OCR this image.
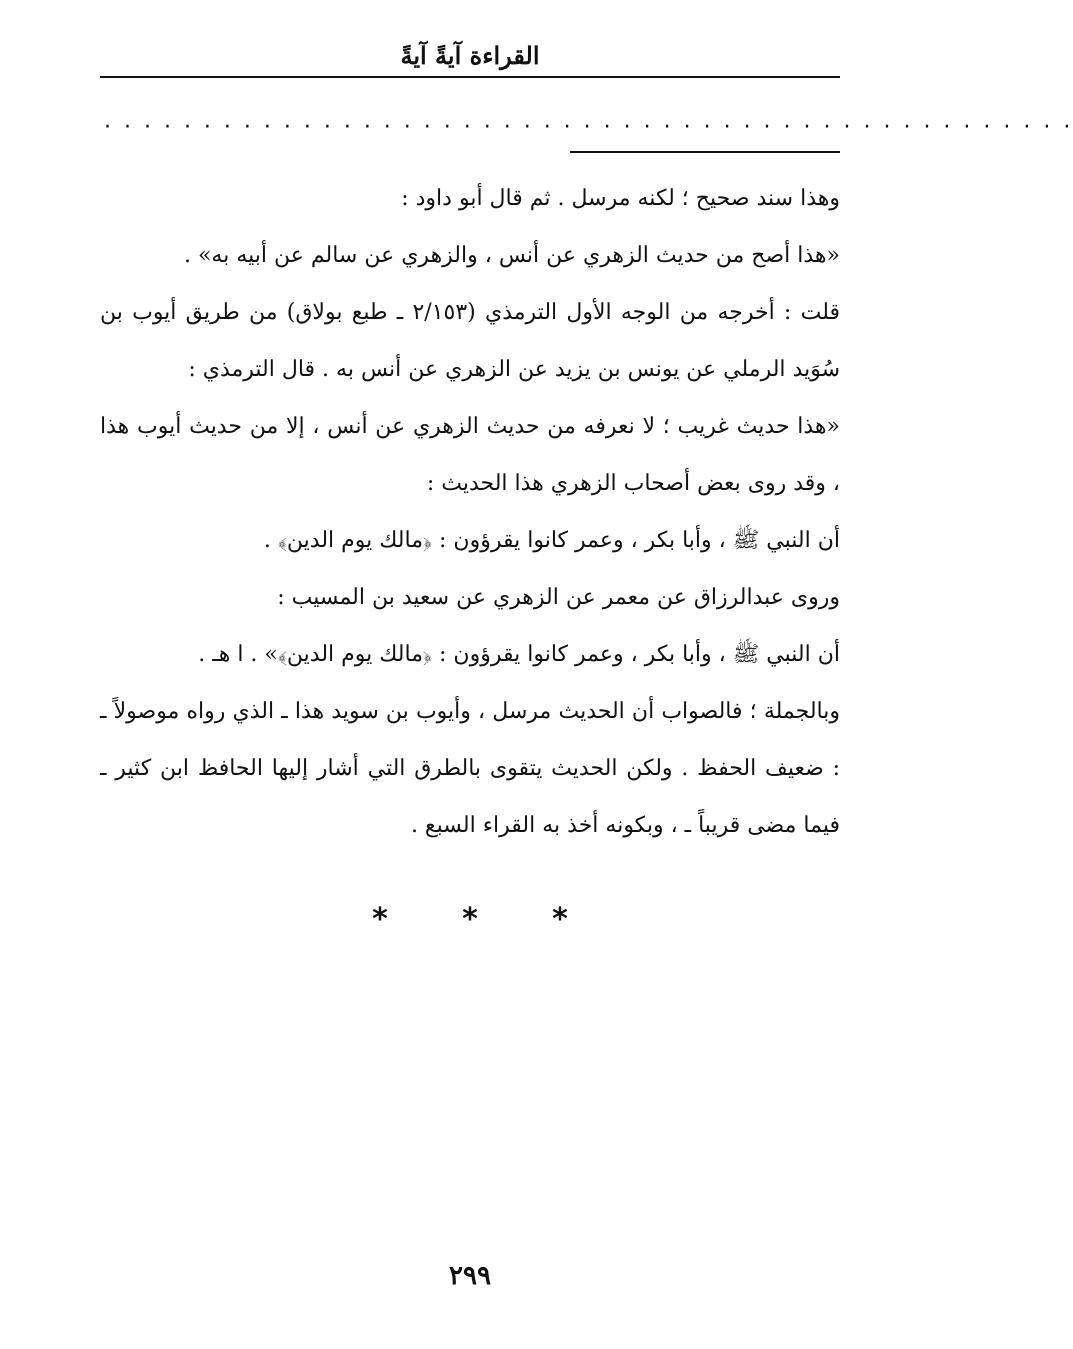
القراءة آيةً آيةً
· · · · · · · · · · · · · · · · · · · · · · · · · · · · · · · · · · · · · · · · · · · · · · · · ·

وهذا سند صحيح ؛ لكنه مرسل . ثم قال أبو داود :

«هذا أصح من حديث الزهري عن أنس ، والزهري عن سالم عن أبيه به» .

قلت : أخرجه من الوجه الأول الترمذي (٢/١٥٣ ـ طبع بولاق) من طريق أيوب بن سُوَيد الرملي عن يونس بن يزيد عن الزهري عن أنس به . قال الترمذي :

«هذا حديث غريب ؛ لا نعرفه من حديث الزهري عن أنس ، إلا من حديث أيوب هذا ، وقد روى بعض أصحاب الزهري هذا الحديث :

أن النبي ﷺ ، وأبا بكر ، وعمر كانوا يقرؤون : ﴿مالك يوم الدين﴾ .

وروى عبدالرزاق عن معمر عن الزهري عن سعيد بن المسيب :

أن النبي ﷺ ، وأبا بكر ، وعمر كانوا يقرؤون : ﴿مالك يوم الدين﴾» . ا هـ .

وبالجملة ؛ فالصواب أن الحديث مرسل ، وأيوب بن سويد هذا ـ الذي رواه موصولاً ـ : ضعيف الحفظ . ولكن الحديث يتقوى بالطرق التي أشار إليها الحافظ ابن كثير ـ فيما مضى قريباً ـ ، وبكونه أخذ به القراء السبع .

*	*	*
٢٩٩
